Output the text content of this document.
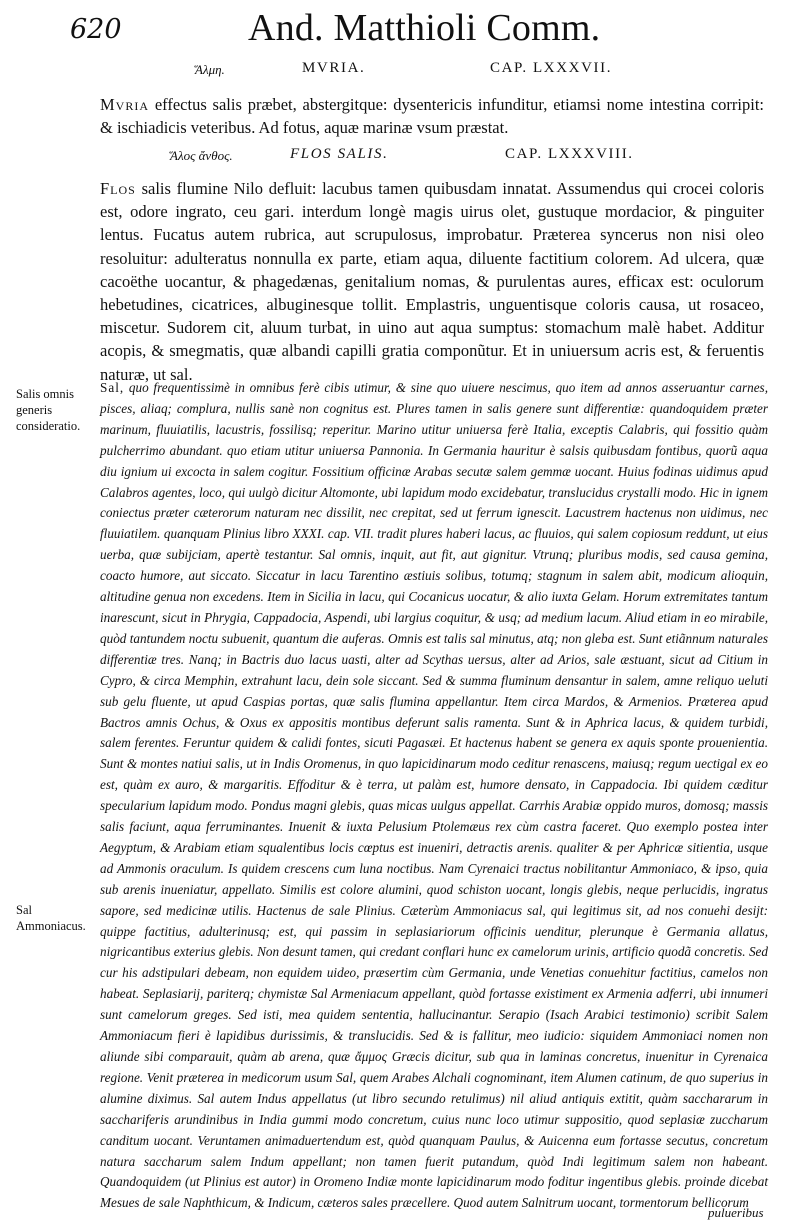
620	And. Matthioli Comm.
Ἅλμη.	MVRIA.	CAP. LXXXVII.
Mvria effectus salis præbet, abstergitque: dysentericis infunditur, etiamsi nome intestina corripit: & ischiadicis veteribus. Ad fotus, aquæ marinæ vsum præstat.
Ἅλος ἄνθος.	FLOS SALIS.	CAP. LXXXVIII.
Flos salis flumine Nilo defluit: lacubus tamen quibusdam innatat. Assumendus qui crocei coloris est, odore ingrato, ceu gari. interdum longè magis uirus olet, gustuque mordacior, & pinguiter lentus. Fucatus autem rubrica, aut scrupulosus, improbatur. Præterea syncerus non nisi oleo resoluitur: adulteratus nonnulla ex parte, etiam aqua, diluente factitium colorem. Ad ulcera, quæ cacoëthe uocantur, & phagedænas, genitalium nomas, & purulentas aures, efficax est: oculorum hebetudines, cicatrices, albuginesque tollit. Emplastris, unguentisque coloris causa, ut rosaceo, miscetur. Sudorem cit, aluum turbat, in uino aut aqua sumptus: stomachum malè habet. Additur acopis, & smegmatis, quæ albandi capilli gratia componũtur. Et in uniuersum acris est, & feruentis naturæ, ut sal.
Salis omnis generis consideratio.
Sal Ammoniacus.
Sal, quo frequentissimè in omnibus ferè cibis utimur, & sine quo uiuere nescimus, quo item ad annos asseruantur carnes, pisces, aliaq; complura, nullis sanè non cognitus est. Plures tamen in salis genere sunt differentiæ: quandoquidem præter marinum, fluuiatilis, lacustris, fossilisq; reperitur. Marino utitur uniuersa ferè Italia, exceptis Calabris, qui fossitio quàm pulcherrimo abundant. quo etiam utitur uniuersa Pannonia. In Germania hauritur è salsis quibusdam fontibus, quorũ aqua diu ignium ui excocta in salem cogitur. Fossitium officinæ Arabas secutæ salem gemmæ uocant. Huius fodinas uidimus apud Calabros agentes, loco, qui uulgò dicitur Altomonte, ubi lapidum modo excidebatur, translucidus crystalli modo. Hic in ignem coniectus præter cæterorum naturam nec dissilit, nec crepitat, sed ut ferrum ignescit. Lacustrem hactenus non uidimus, nec fluuiatilem. quanquam Plinius libro XXXI. cap. VII. tradit plures haberi lacus, ac fluuios, qui salem copiosum reddunt, ut eius uerba, quæ subijciam, apertè testantur. Sal omnis, inquit, aut fit, aut gignitur. Vtrunq; pluribus modis, sed causa gemina, coacto humore, aut siccato. Siccatur in lacu Tarentino æstiuis solibus, totumq; stagnum in salem abit, modicum alioquin, altitudine genua non excedens. Item in Sicilia in lacu, qui Cocanicus uocatur, & alio iuxta Gelam. Horum extremitates tantum inarescunt, sicut in Phrygia, Cappadocia, Aspendi, ubi largius coquitur, & usq; ad medium lacum. Aliud etiam in eo mirabile, quòd tantundem noctu subuenit, quantum die auferas. Omnis est talis sal minutus, atq; non gleba est. Sunt etiãnnum naturales differentiæ tres. Nanq; in Bactris duo lacus uasti, alter ad Scythas uersus, alter ad Arios, sale æstuant, sicut ad Citium in Cypro, & circa Memphin, extrahunt lacu, dein sole siccant. Sed & summa fluminum densantur in salem, amne reliquo ueluti sub gelu fluente, ut apud Caspias portas, quæ salis flumina appellantur. Item circa Mardos, & Armenios. Præterea apud Bactros amnis Ochus, & Oxus ex appositis montibus deferunt salis ramenta. Sunt & in Aphrica lacus, & quidem turbidi, salem ferentes. Feruntur quidem & calidi fontes, sicuti Pagasæi. Et hactenus habent se genera ex aquis sponte prouenientia. Sunt & montes natiui salis, ut in Indis Oromenus, in quo lapicidinarum modo ceditur renascens, maiusq; regum uectigal ex eo est, quàm ex auro, & margaritis. Effoditur & è terra, ut palàm est, humore densato, in Cappadocia. Ibi quidem cæditur specularium lapidum modo. Pondus magni glebis, quas micas uulgus appellat. Carrhis Arabiæ oppido muros, domosq; massis salis faciunt, aqua ferruminantes. Inuenit & iuxta Pelusium Ptolemæus rex cùm castra faceret. Quo exemplo postea inter Aegyptum, & Arabiam etiam squalentibus locis cœptus est inueniri, detractis arenis. qualiter & per Aphricæ sitientia, usque ad Ammonis oraculum. Is quidem crescens cum luna noctibus. Nam Cyrenaici tractus nobilitantur Ammoniaco, & ipso, quia sub arenis inueniatur, appellato. Similis est colore alumini, quod schiston uocant, longis glebis, neque perlucidis, ingratus sapore, sed medicinæ utilis. Hactenus de sale Plinius. Cæterùm Ammoniacus sal, qui legitimus sit, ad nos conuehi desijt: quippe factitius, adulterinusq; est, qui passim in seplasiariorum officinis uenditur, plerunque è Germania allatus, nigricantibus exterius glebis. Non desunt tamen, qui credant conflari hunc ex camelorum urinis, artificio quodã concretis. Sed cur his adstipulari debeam, non equidem uideo, præsertim cùm Germania, unde Venetias conuehitur factitius, camelos non habeat. Seplasiarij, pariterq; chymistæ Sal Armeniacum appellant, quòd fortasse existiment ex Armenia adferri, ubi innumeri sunt camelorum greges. Sed isti, mea quidem sententia, hallucinantur. Serapio (Isach Arabici testimonio) scribit Salem Ammoniacum fieri è lapidibus durissimis, & translucidis. Sed & is fallitur, meo iudicio: siquidem Ammoniaci nomen non aliunde sibi comparauit, quàm ab arena, quæ ἄμμος Græcis dicitur, sub qua in laminas concretus, inuenitur in Cyrenaica regione. Venit præterea in medicorum usum Sal, quem Arabes Alchali cognominant, item Alumen catinum, de quo superius in alumine diximus. Sal autem Indus appellatus (ut libro secundo retulimus) nil aliud antiquis extitit, quàm sacchararum in sacchariferis arundinibus in India gummi modo concretum, cuius nunc loco utimur suppositio, quod seplasiæ zuccharum canditum uocant. Veruntamen animaduertendum est, quòd quanquam Paulus, & Auicenna eum fortasse secutus, concretum natura saccharum salem Indum appellant; non tamen fuerit putandum, quòd Indi legitimum salem non habeant. Quandoquidem (ut Plinius est autor) in Oromeno Indiæ monte lapicidinarum modo foditur ingentibus glebis. proinde dicebat Mesues de sale Naphthicum, & Indicum, cæteros sales præcellere. Quod autem Salnitrum uocant, tormentorum bellicorum
pulueribus
